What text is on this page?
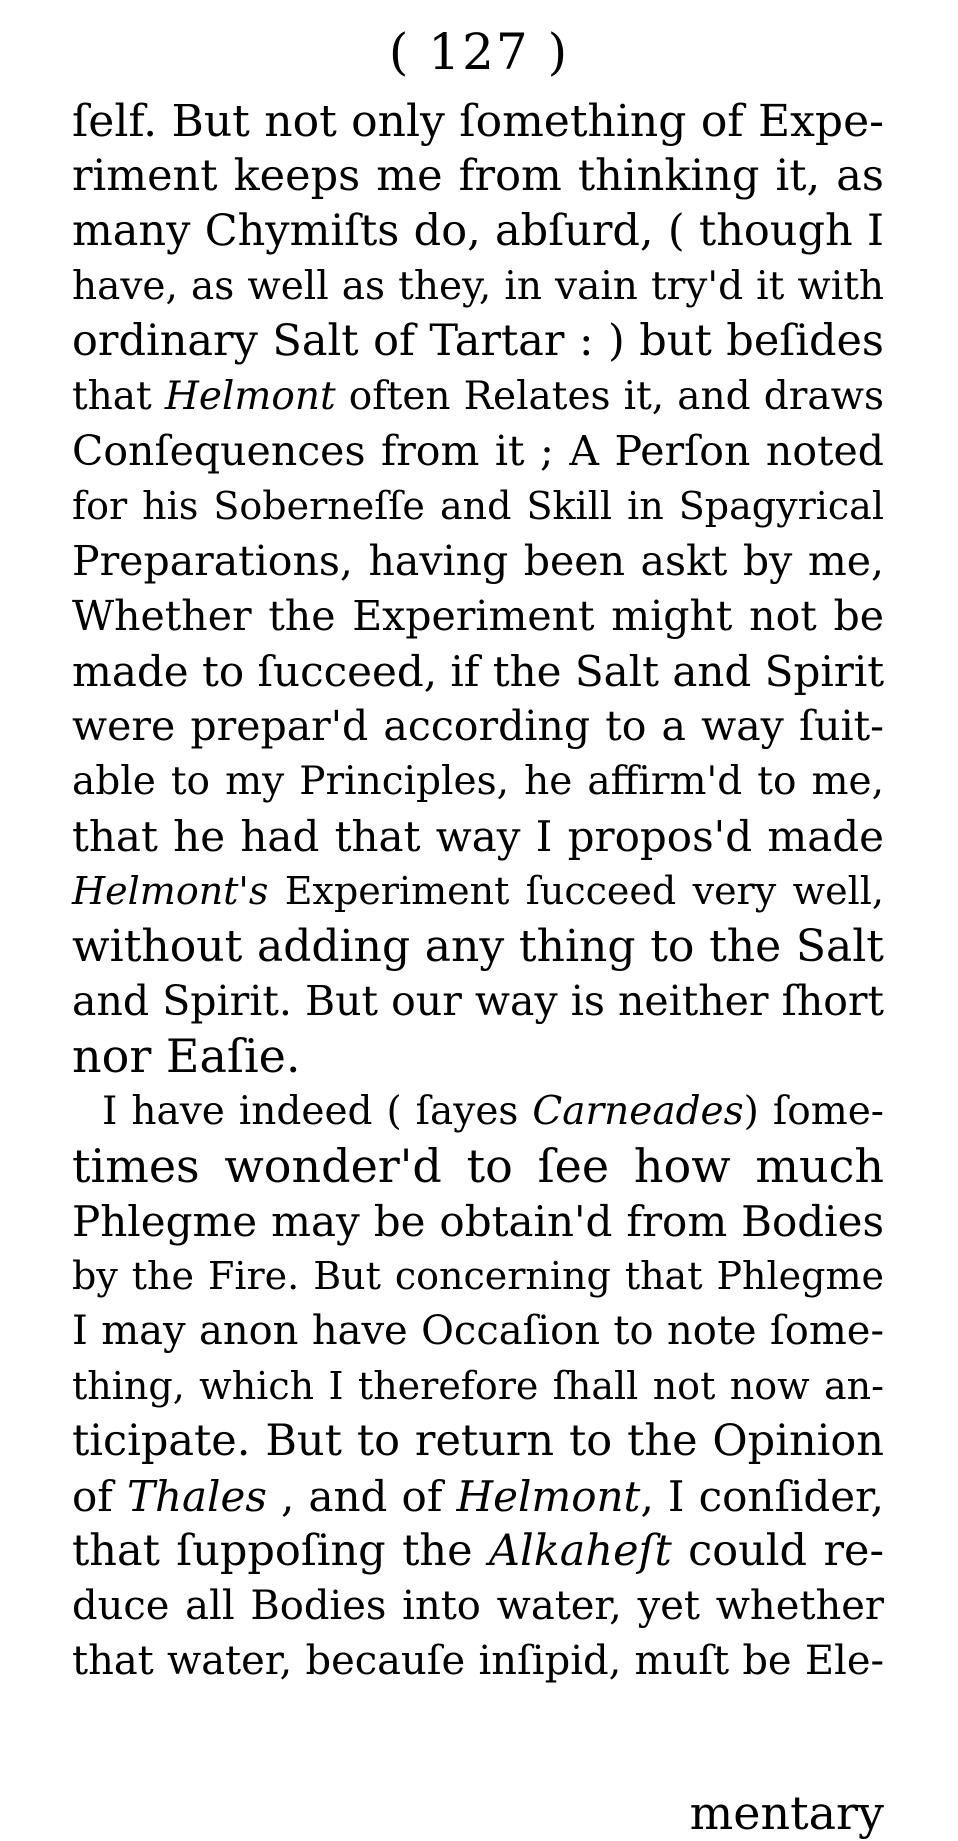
( 127 )
ſelf. But not only ſomething of Expe-
riment keeps me from thinking it, as
many Chymiſts do, abſurd, ( though I
have, as well as they, in vain try'd it with
ordinary Salt of Tartar : ) but beſides
that Helmont often Relates it, and draws
Conſequences from it ; A Perſon noted
for his Soberneſſe and Skill in Spagyrical
Preparations, having been askt by me,
Whether the Experiment might not be
made to ſucceed, if the Salt and Spirit
were prepar'd according to a way ſuit-
able to my Principles, he affirm'd to me,
that he had that way I propos'd made
Helmont's Experiment ſucceed very well,
without adding any thing to the Salt
and Spirit. But our way is neither ſhort
nor Eaſie.
I have indeed ( ſayes Carneades) ſome-
times wonder'd to ſee how much
Phlegme may be obtain'd from Bodies
by the Fire. But concerning that Phlegme
I may anon have Occaſion to note ſome-
thing, which I therefore ſhall not now an-
ticipate. But to return to the Opinion
of Thales , and of Helmont, I conſider,
that ſuppoſing the Alkaheſt could re-
duce all Bodies into water, yet whether
that water, becauſe inſipid, muſt be Ele-
mentary
